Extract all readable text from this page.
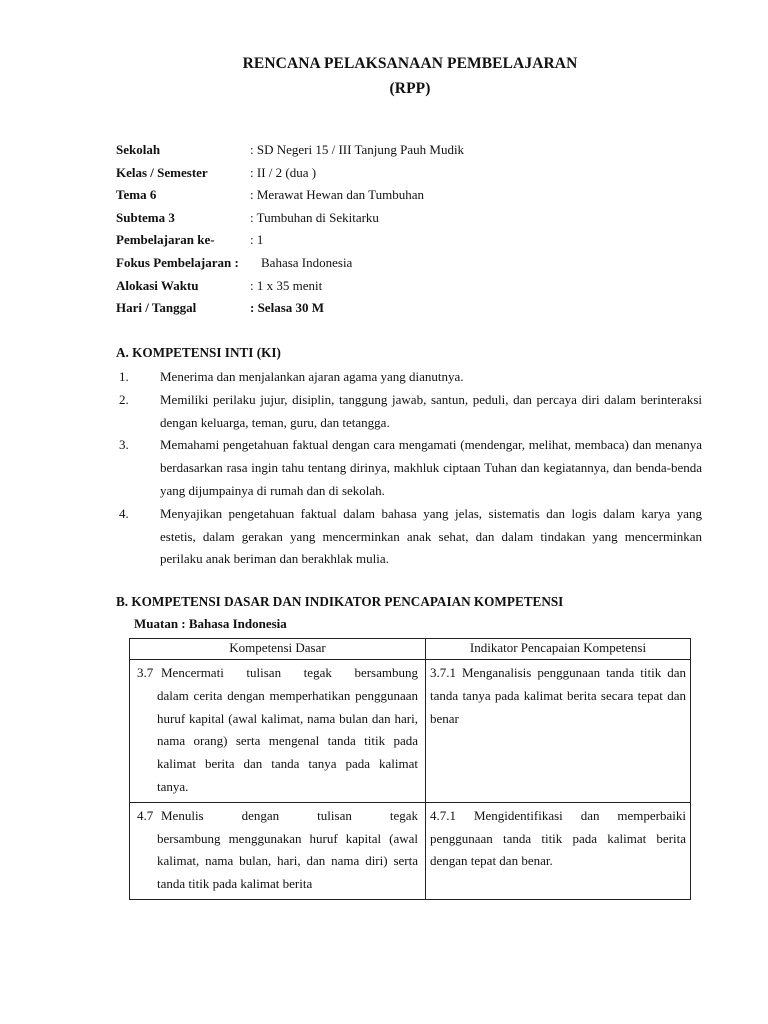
RENCANA PELAKSANAAN PEMBELAJARAN
(RPP)
Sekolah	: SD Negeri 15 / III Tanjung Pauh Mudik
Kelas / Semester	: II / 2 (dua )
Tema 6	: Merawat Hewan dan Tumbuhan
Subtema 3	: Tumbuhan di Sekitarku
Pembelajaran ke-	: 1
Fokus Pembelajaran : Bahasa Indonesia
Alokasi Waktu	: 1 x 35 menit
Hari / Tanggal	: Selasa 30 M
A. KOMPETENSI INTI (KI)
1. Menerima dan menjalankan ajaran agama yang dianutnya.
2. Memiliki perilaku jujur, disiplin, tanggung jawab, santun, peduli, dan percaya diri dalam berinteraksi dengan keluarga, teman, guru, dan tetangga.
3. Memahami pengetahuan faktual dengan cara mengamati (mendengar, melihat, membaca) dan menanya berdasarkan rasa ingin tahu tentang dirinya, makhluk ciptaan Tuhan dan kegiatannya, dan benda-benda yang dijumpainya di rumah dan di sekolah.
4. Menyajikan pengetahuan faktual dalam bahasa yang jelas, sistematis dan logis dalam karya yang estetis, dalam gerakan yang mencerminkan anak sehat, dan dalam tindakan yang mencerminkan perilaku anak beriman dan berakhlak mulia.
B. KOMPETENSI DASAR DAN INDIKATOR PENCAPAIAN KOMPETENSI
Muatan : Bahasa Indonesia
Kompetensi Dasar	Indikator Pencapaian Kompetensi

3.7 Mencermati tulisan tegak bersambung
dalam cerita dengan memperhatikan penggunaan huruf kapital (awal kalimat, nama bulan dan hari, nama orang) serta mengenal tanda titik pada kalimat berita dan tanda tanya pada kalimat tanya.	3.7.1 Menganalisis penggunaan tanda titik dan tanda tanya pada kalimat berita secara tepat dan benar

4.7 Menulis dengan tulisan tegak
bersambung menggunakan huruf kapital (awal kalimat, nama bulan, hari, dan nama diri) serta tanda titik pada kalimat berita	4.7.1 Mengidentifikasi dan memperbaiki penggunaan tanda titik pada kalimat berita dengan tepat dan benar.
